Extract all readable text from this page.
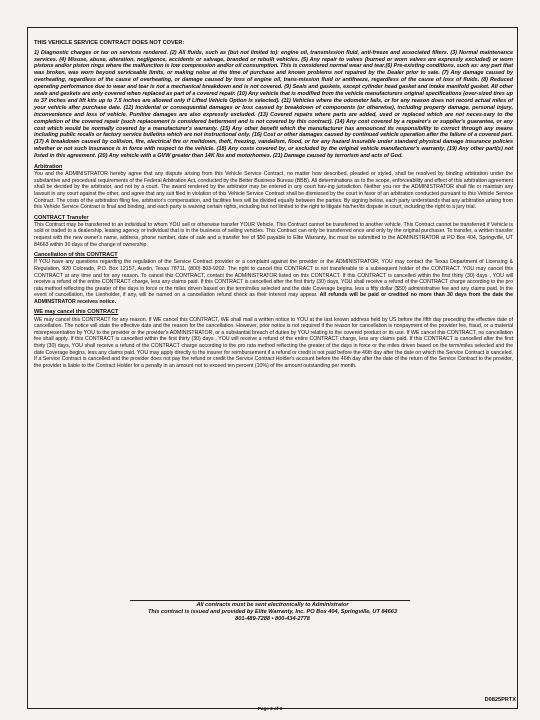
THIS VEHICLE SERVICE CONTRACT DOES NOT COVER:
1) Diagnostic charges or tax on services rendered. (2) All fluids, such as (but not limited to): engine oil, transmission fluid, anti-freeze and associated filters. (3) Normal maintenance services. (4) Misuse, abuse, alteration, negligence, accidents or salvage, branded or rebuilt vehicles. (5) Any repair to valves (burned or worn valves are expressly excluded) or worn pistons and/or piston rings where the malfunction is low compression and/or oil consumption. This is considered normal wear and tear.(6) Pre-existing conditions, such as: any part that was broken, was worn beyond serviceable limits, or making noise at the time of purchase and known problems not repaired by the Dealer prior to sale. (7) Any damage caused by overheating, regardless of the cause of overheating, or damage caused by loss of engine oil, trans-mission fluid or antifreeze, regardless of the cause of loss of fluids. (8) Reduced operating performance due to wear and tear is not a mechanical breakdown and is not covered. (9) Seals and gaskets, except cylinder head gasket and intake manifold gasket. All other seals and gaskets are only covered when replaced as part of a covered repair. (10) Any vehicle that is modified from the vehicle manufacturers original specifications (over-sized tires up to 37 inches and lift kits up to 7.5 inches are allowed only if Lifted Vehicle Option is selected). (11) Vehicles where the odometer fails, or for any reason does not record actual miles of your vehicle after purchase date. (12) Incidental or consequential damages or loss caused by breakdown of components (or otherwise), including property damage, personal injury, inconvenience and loss of vehicle. Punitive damages are also expressly excluded. (13) Covered repairs where parts are added, used or replaced which are not neces-sary to the completion of the covered repair (such replacement is considered betterment and is not covered by this contract). (14) Any cost covered by a repairer's or supplier's guarantee, or any cost which would be normally covered by a manufacturer's warranty. (15) Any other benefit which the manufacturer has announced its responsibility to correct through any means including public recalls or factory service bulletins which are not instructional only. (16) Cost or other damages caused by continued vehicle operation after the failure of a covered part. (17) A breakdown caused by collision, fire, electrical fire or meltdown, theft, freezing, vandalism, flood, or for any hazard insurable under standard physical damage insurance policies whether or not such insurance is in force with respect to the vehicle. (18) Any costs covered by, or excluded by the original vehicle manufacturer's warranty. (19) Any other part(s) not listed in this agreement. (20) Any vehicle with a GVW greater than 14K lbs and motorhomes. (21) Damage caused by terrorism and acts of God.
Arbitration
You and the ADMINISTRATOR hereby agree that any dispute arising from this Vehicle Service Contract, no matter how described, pleaded or styled, shall be resolved by binding arbitration under the substantive and procedural requirements of the Federal Arbitration Act, conducted by the Better Business Bureau (BBB). All determinations as to the scope, enforceability and effect of this arbitration agreement shall be decided by the arbitrator, and not by a court. The award rendered by the arbitrator may be entered in any court hav-ing jurisdiction. Neither you nor the ADMINISTRATOR shall file or maintain any lawsuit in any court against the other, and agree that any suit filed in violation of this Vehicle Service Contract shall be dismissed by the court in favor of an arbitration conducted pursuant to this Vehicle Service Contract. The costs of the arbitration filing fee, arbitrator's compensation, and facilities fees will be divided equally between the parties. By signing below, each party understands that any arbitration arising from this Vehicle Service Contract is final and binding, and each party is waiving certain rights, including but not limited to the right to litigate his/her/its dispute in court, including the right to a jury trial.
CONTRACT Transfer
This Contract may be transferred to an individual to whom YOU sell or otherwise transfer YOUR Vehicle. This Contract cannot be transferred to another vehicle. This Contract cannot be transferred if Vehicle is sold or traded to a dealership, leasing agency or individual that is in the business of selling vehicles. This Contract can only be transferred once and only by the original purchaser. To transfer, a written transfer request with the new owner's name, address, phone number, date of sale and a transfer fee of $50 payable to Elite Warranty, Inc must be submitted to the ADMINISTRATOR at PO Box 404, Springville, UT 84663 within 30 days of the change of ownership.
Cancellation of this CONTRACT
If YOU have any questions regarding the regulation of the Service Contract provider or a complaint against the provider or the ADMINISTRATOR, YOU may contact the Texas Department of Licensing & Regulation, 920 Colorado, P.O. Box 12157, Austin, Texas 78711, (800) 803-9202. The right to cancel this CONTRACT is not transferable to a subsequent holder of the CONTRACT. YOU may cancel this CONTRACT at any time and for any reason. To cancel this CONTRACT, contact the ADMINISTRATOR listed on this CONTRACT. If this CONTRACT is cancelled within the first thirty (30) days , YOU will receive a refund of the entire CONTRACT charge, less any claims paid. If this CONTRACT is cancelled after the first thirty (30) days, YOU shall receive a refund of the CONTRACT charge according to the pro rata method reflecting the greater of the days in force or the miles driven based on the term/miles selected and the date Coverage begins, less a fifty dollar ($50) administrative fee and any claims paid. In the event of cancellation, the Lienholder, if any, will be named on a cancellation refund check as their interest may appear. All refunds will be paid or credited no more than 30 days from the date the ADMINSTRATOR receives notice.
WE may cancel this CONTRACT
WE may cancel this CONTRACT for any reason. If WE cancel this CONTRACT, WE shall mail a written notice to YOU at the last known address held by US before the fifth day preceding the effective date of cancellation. The notice will state the effective date and the reason for the cancellation. However, prior notice is not required if the reason for cancellation is nonpayment of the provider fee, fraud, or a material misrepresentation by YOU to the provider or the provider's ADMINISTRATOR, or a substantial breach of duties by YOU relating to the covered product or its use. If WE cancel this CONTRACT, no cancellation fee shall apply. If this CONTRACT is cancelled within the first thirty (30) days , YOU will receive a refund of the entire CONTRACT charge, less any claims paid. If this CONTRACT is cancelled after the first thirty (30) days, YOU shall receive a refund of the CONTRACT charge according to the pro rata method reflecting the greater of the days in force or the miles driven based on the term/miles selected and the date Coverage begins, less any claims paid. YOU may apply directly to the insurer for reimbursement if a refund or credit is not paid before the 46th day after the date on which the Service Contract is canceled. If a Service Contract is cancelled and the provider does not pay the refund or credit the Service Contract Holder's account before the 46th day after the date of the return of the Service Contract to the provider, the provider is liable to the Contract Holder for a penalty in an amount not to exceed ten percent (10%) of the amount outstanding per month.
All contracts must be sent electronically to Administrator
This contract is issued and provided by Elite Warranty, Inc. PO Box 404, Springville, UT 84663
801-489-7288 • 800-434-2778
D0825PRTX
Page 3 of 3
